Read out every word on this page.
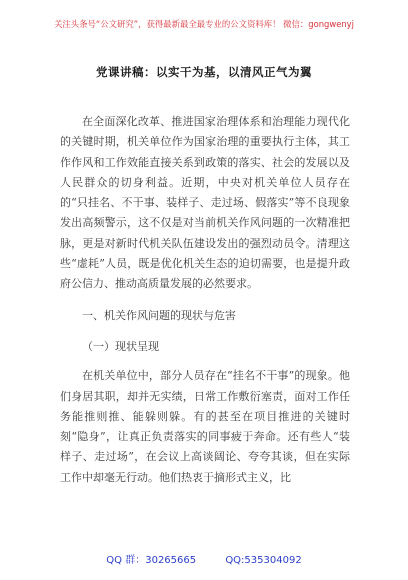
关注头条号“公文研究”，获得最新最全最专业的公文资料库！ 微信：gongwenyj
党课讲稿：以实干为基，以清风正气为翼

在全面深化改革、推进国家治理体系和治理能力现代化的关键时期，机关单位作为国家治理的重要执行主体，其工作作风和工作效能直接关系到政策的落实、社会的发展以及人民群众的切身利益。近期，中央对机关单位人员存在的“只挂名、不干事、装样子、走过场、假落实”等不良现象发出高频警示，这不仅是对当前机关作风问题的一次精准把脉，更是对新时代机关队伍建设发出的强烈动员令。清理这些“虚耗”人员，既是优化机关生态的迫切需要，也是提升政府公信力、推动高质量发展的必然要求。

一、机关作风问题的现状与危害

（一）现状呈现

在机关单位中，部分人员存在“挂名不干事”的现象。他们身居其职，却并无实绩，日常工作敷衍塞责，面对工作任务能推则推、能躲则躲。有的甚至在项目推进的关键时刻“隐身”，让真正负责落实的同事疲于奔命。还有些人“装样子、走过场”，在会议上高谈阔论、夸夸其谈，但在实际工作中却毫无行动。他们热衷于摘形式主义，比

QQ 群：30265665	QQ:535304092
